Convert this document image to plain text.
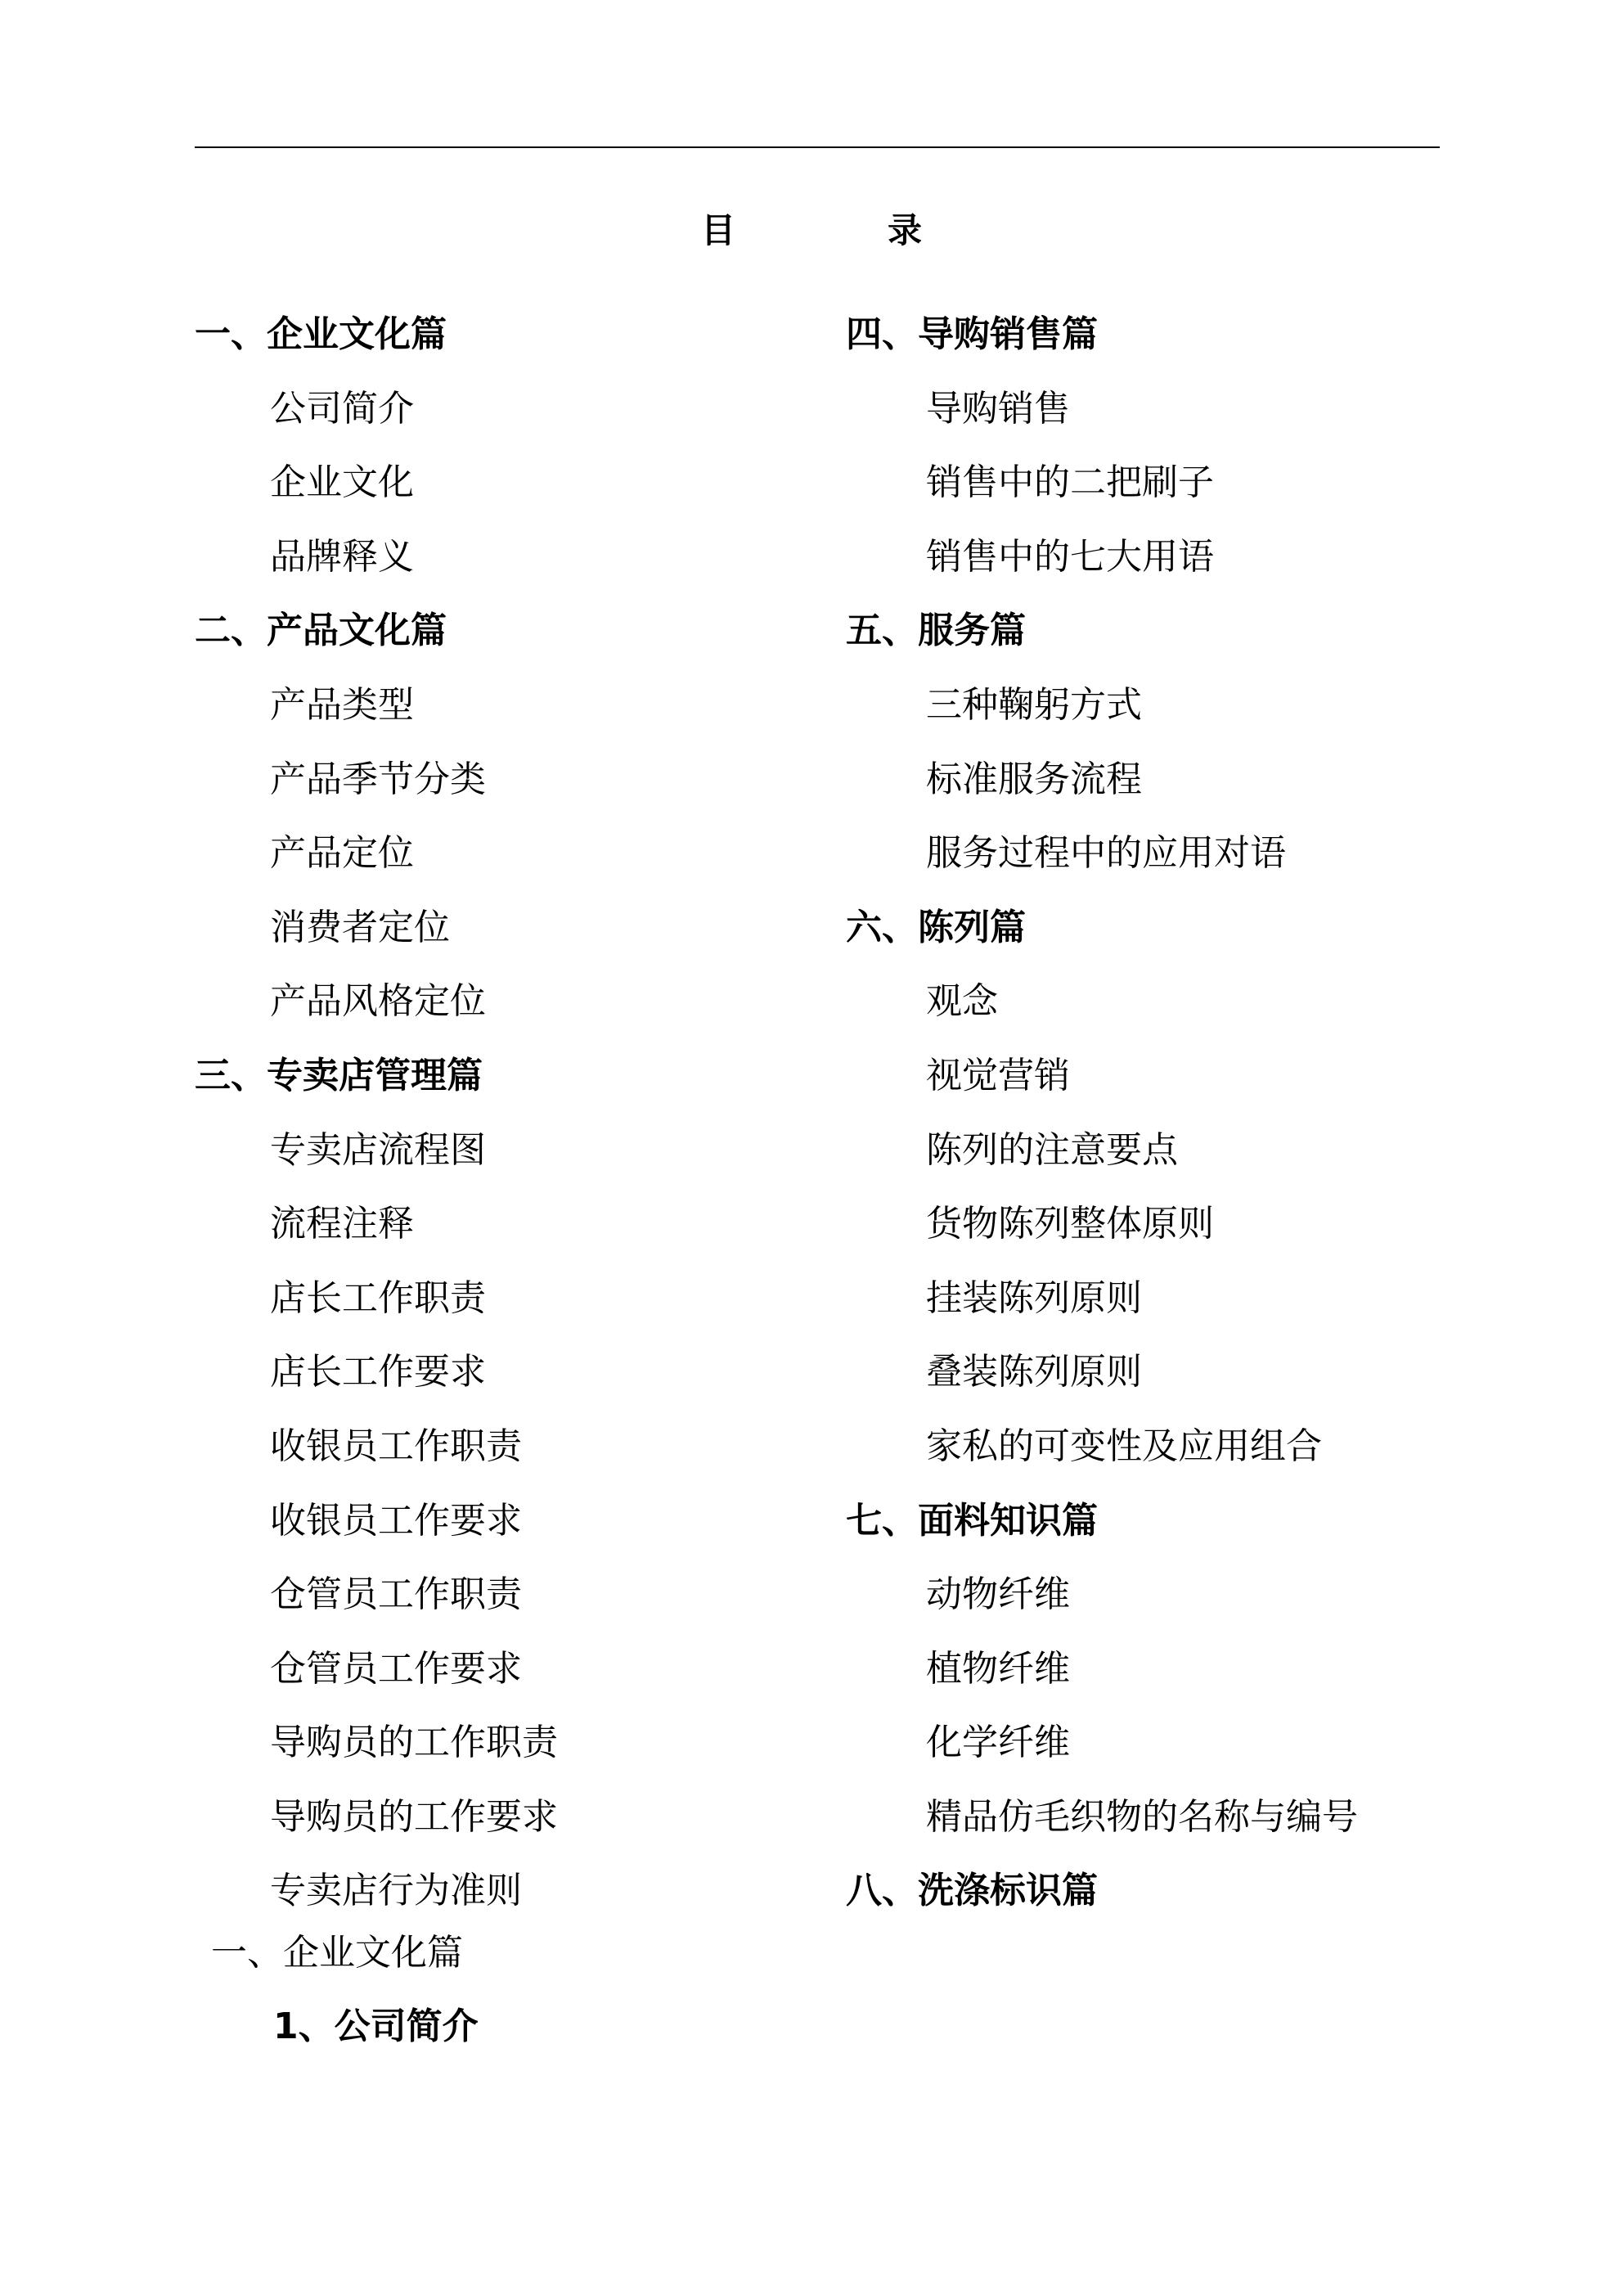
目　录
一、企业文化篇
公司简介
企业文化
品牌释义
二、产品文化篇
产品类型
产品季节分类
产品定位
消费者定位
产品风格定位
三、专卖店管理篇
专卖店流程图
流程注释
店长工作职责
店长工作要求
收银员工作职责
收银员工作要求
仓管员工作职责
仓管员工作要求
导购员的工作职责
导购员的工作要求
专卖店行为准则
四、导购销售篇
导购销售
销售中的二把刷子
销售中的七大用语
五、服务篇
三种鞠躬方式
标准服务流程
服务过程中的应用对语
六、陈列篇
观念
视觉营销
陈列的注意要点
货物陈列整体原则
挂装陈列原则
叠装陈列原则
家私的可变性及应用组合
七、面料知识篇
动物纤维
植物纤维
化学纤维
精品仿毛织物的名称与编号
八、洗涤标识篇
一、企业文化篇
1、公司简介
